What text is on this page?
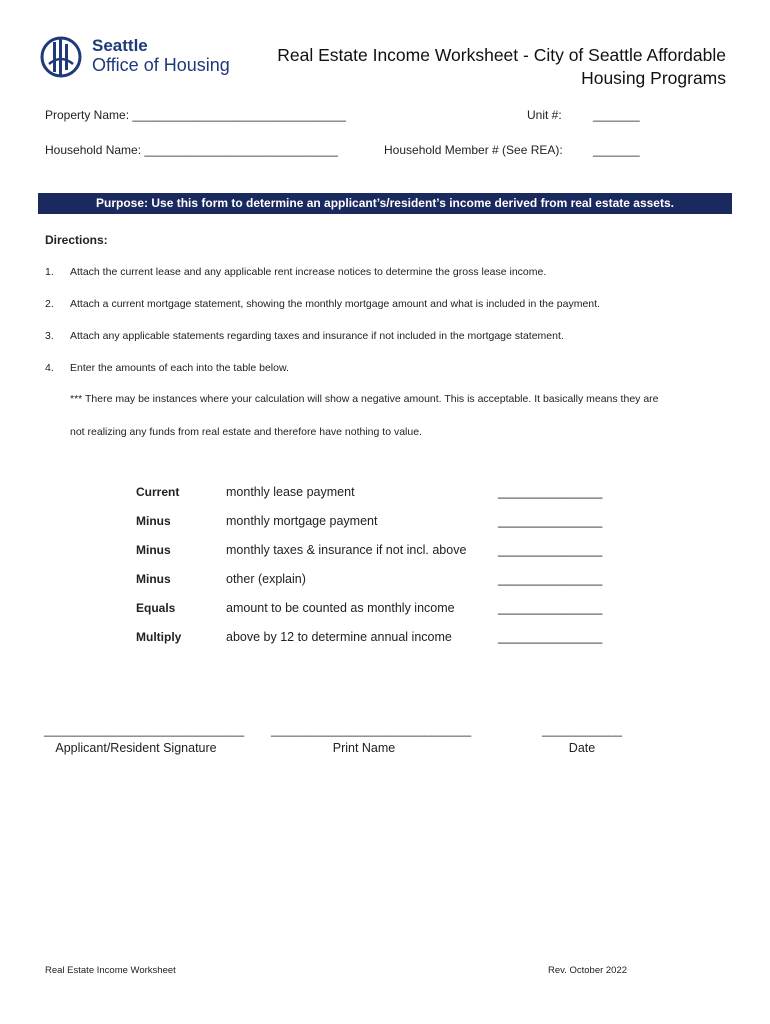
Seattle
Office of Housing	Real Estate Income Worksheet - City of Seattle Affordable
Housing Programs
Property Name: ________________________________	Unit #:	_______
Household Name: _____________________________	Household Member # (See REA):	_______
Purpose: Use this form to determine an applicant’s/resident’s income derived from real estate assets.
Directions:
1. Attach the current lease and any applicable rent increase notices to determine the gross lease income.
2. Attach a current mortgage statement, showing the monthly mortgage amount and what is included in the payment.
3. Attach any applicable statements regarding taxes and insurance if not included in the mortgage statement.
4. Enter the amounts of each into the table below.
*** There may be instances where your calculation will show a negative amount. This is acceptable. It basically means they are
not realizing any funds from real estate and therefore have nothing to value.
Current	monthly lease payment	_______________
Minus	monthly mortgage payment	_______________
Minus	monthly taxes & insurance if not incl. above	_______________
Minus	other (explain)	_______________
Equals	amount to be counted as monthly income	_______________
Multiply	above by 12 to determine annual income	_______________
______________________________
Applicant/Resident Signature
______________________________
Print Name
____________
Date
Real Estate Income Worksheet	Rev. October 2022
